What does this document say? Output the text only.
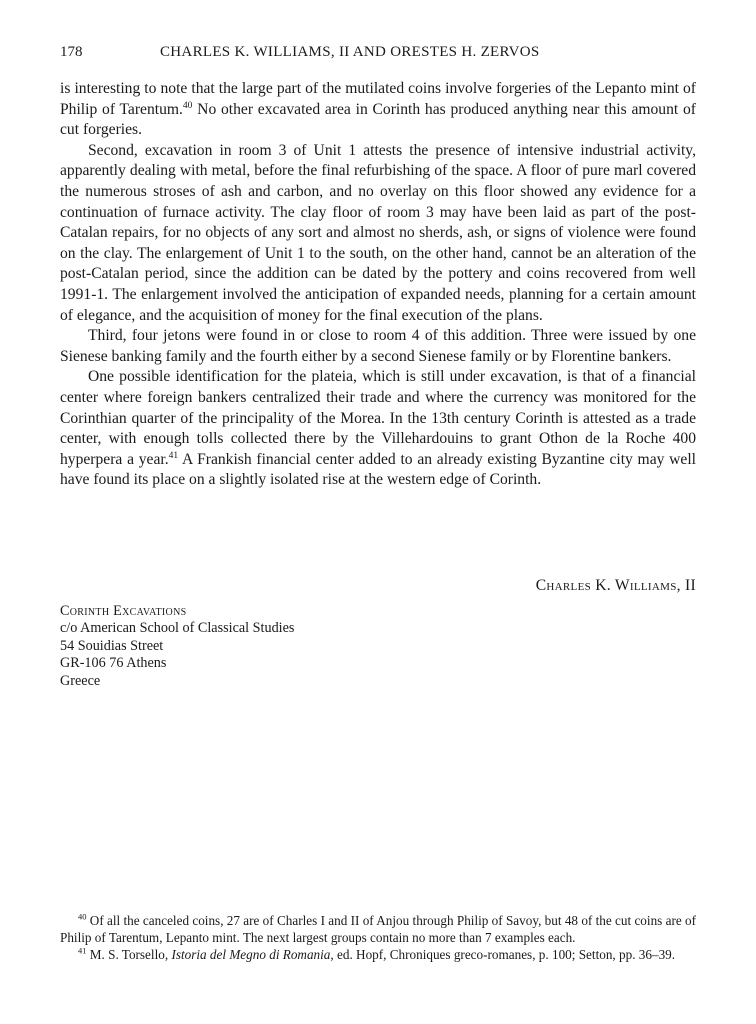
178	CHARLES K. WILLIAMS, II AND ORESTES H. ZERVOS

is interesting to note that the large part of the mutilated coins involve forgeries of the Lepanto mint of Philip of Tarentum.$^{40}$ No other excavated area in Corinth has produced anything near this amount of cut forgeries.

Second, excavation in room 3 of Unit 1 attests the presence of intensive industrial activity, apparently dealing with metal, before the final refurbishing of the space. A floor of pure marl covered the numerous stroses of ash and carbon, and no overlay on this floor showed any evidence for a continuation of furnace activity. The clay floor of room 3 may have been laid as part of the post-Catalan repairs, for no objects of any sort and almost no sherds, ash, or signs of violence were found on the clay. The enlargement of Unit 1 to the south, on the other hand, cannot be an alteration of the post-Catalan period, since the addition can be dated by the pottery and coins recovered from well 1991-1. The enlargement involved the anticipation of expanded needs, planning for a certain amount of elegance, and the acquisition of money for the final execution of the plans.

Third, four jetons were found in or close to room 4 of this addition. Three were issued by one Sienese banking family and the fourth either by a second Sienese family or by Florentine bankers.

One possible identification for the plateia, which is still under excavation, is that of a financial center where foreign bankers centralized their trade and where the currency was monitored for the Corinthian quarter of the principality of the Morea. In the 13th century Corinth is attested as a trade center, with enough tolls collected there by the Villehardouins to grant Othon de la Roche 400 hyperpera a year.$^{41}$ A Frankish financial center added to an already existing Byzantine city may well have found its place on a slightly isolated rise at the western edge of Corinth.

Charles K. Williams, II
Corinth Excavations
c/o American School of Classical Studies
54 Souidias Street
GR-106 76 Athens
Greece

$^{40}$ Of all the canceled coins, 27 are of Charles I and II of Anjou through Philip of Savoy, but 48 of the cut coins are of Philip of Tarentum, Lepanto mint. The next largest groups contain no more than 7 examples each.

$^{41}$ M. S. Torsello, Istoria del Megno di Romania, ed. Hopf, Chroniques greco-romanes, p. 100; Setton, pp. 36–39.
